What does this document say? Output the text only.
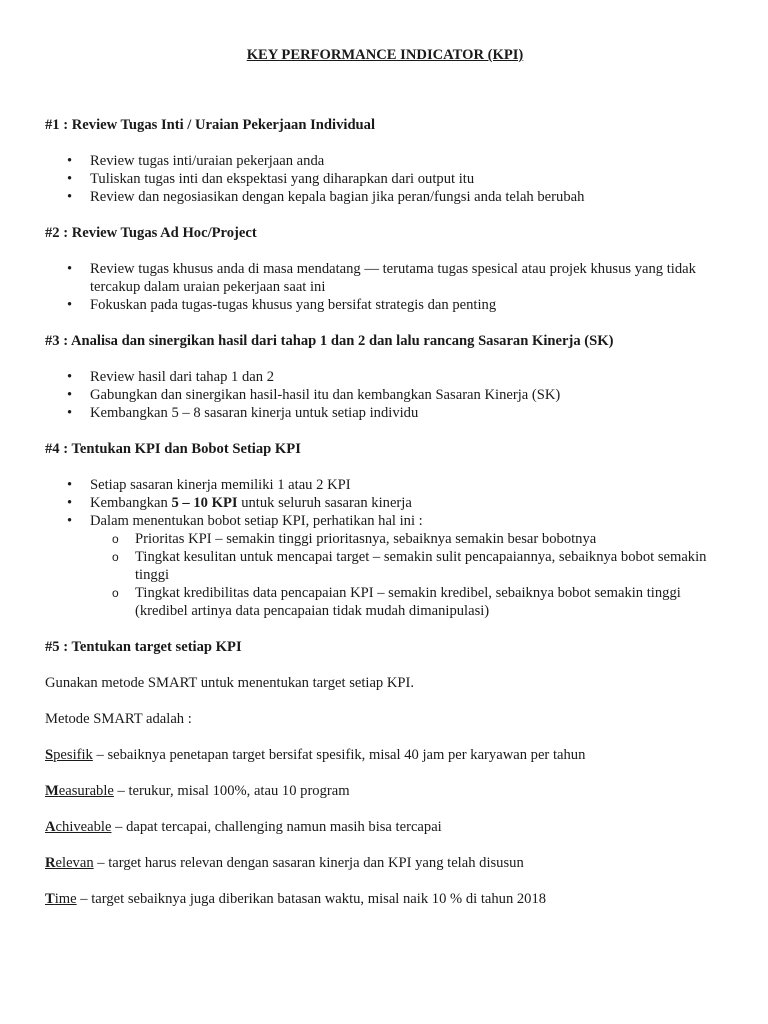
KEY PERFORMANCE INDICATOR (KPI)
#1 : Review Tugas Inti / Uraian Pekerjaan Individual
• Review tugas inti/uraian pekerjaan anda
• Tuliskan tugas inti dan ekspektasi yang diharapkan dari output itu
• Review dan negosiasikan dengan kepala bagian jika peran/fungsi anda telah berubah
#2 : Review Tugas Ad Hoc/Project
• Review tugas khusus anda di masa mendatang — terutama tugas spesical atau projek khusus yang tidak tercakup dalam uraian pekerjaan saat ini
• Fokuskan pada tugas-tugas khusus yang bersifat strategis dan penting
#3 : Analisa dan sinergikan hasil dari tahap 1 dan 2 dan lalu rancang Sasaran Kinerja (SK)
• Review hasil dari tahap 1 dan 2
• Gabungkan dan sinergikan hasil-hasil itu dan kembangkan Sasaran Kinerja (SK)
• Kembangkan 5 – 8 sasaran kinerja untuk setiap individu
#4 : Tentukan KPI dan Bobot Setiap KPI
• Setiap sasaran kinerja memiliki 1 atau 2 KPI
• Kembangkan 5 – 10 KPI untuk seluruh sasaran kinerja
• Dalam menentukan bobot setiap KPI, perhatikan hal ini :
o Prioritas KPI – semakin tinggi prioritasnya, sebaiknya semakin besar bobotnya
o Tingkat kesulitan untuk mencapai target – semakin sulit pencapaiannya, sebaiknya bobot semakin tinggi
o Tingkat kredibilitas data pencapaian KPI – semakin kredibel, sebaiknya bobot semakin tinggi (kredibel artinya data pencapaian tidak mudah dimanipulasi)
#5 : Tentukan target setiap KPI

Gunakan metode SMART untuk menentukan target setiap KPI.

Metode SMART adalah :

Spesifik – sebaiknya penetapan target bersifat spesifik, misal 40 jam per karyawan per tahun

Measurable – terukur, misal 100%, atau 10 program

Achiveable – dapat tercapai, challenging namun masih bisa tercapai

Relevan – target harus relevan dengan sasaran kinerja dan KPI yang telah disusun

Time – target sebaiknya juga diberikan batasan waktu, misal naik 10 % di tahun 2018
